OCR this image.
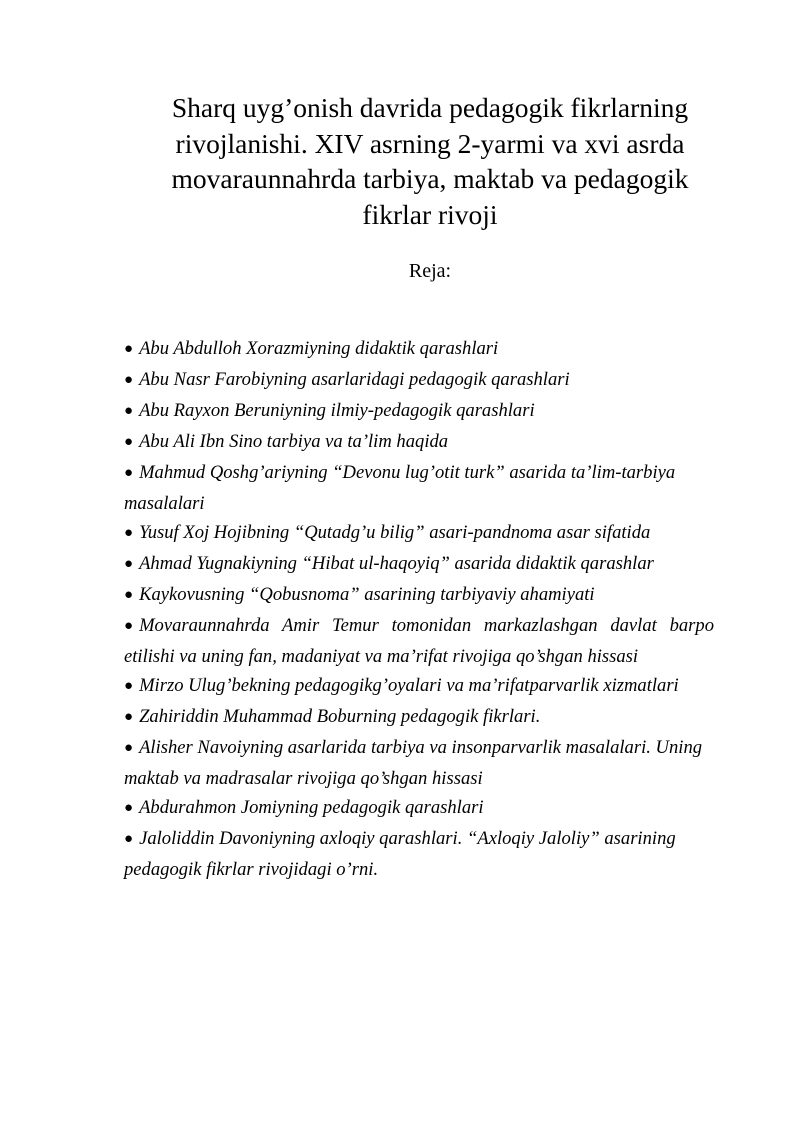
Sharq uyg’onish davrida pedagogik fikrlarning rivojlanishi. XIV asrning 2-yarmi va xvi asrda movaraunnahrda tarbiya, maktab va pedagogik fikrlar rivoji

Reja:

● Abu Abdulloh Xorazmiyning didaktik qarashlari
● Abu Nasr Farobiyning asarlaridagi pedagogik qarashlari
● Abu Rayxon Beruniyning ilmiy-pedagogik qarashlari
● Abu Ali Ibn Sino tarbiya va ta’lim haqida
● Mahmud Qoshg’ariyning “Devonu lug’otit turk” asarida ta’lim-tarbiya masalalari
● Yusuf Xoj Hojibning “Qutadg’u bilig” asari-pandnoma asar sifatida
● Ahmad Yugnakiyning “Hibat ul-haqoyiq” asarida didaktik qarashlar
● Kaykovusning “Qobusnoma” asarining tarbiyaviy ahamiyati
● Movaraunnahrda Amir Temur tomonidan markazlashgan davlat barpo etilishi va uning fan, madaniyat va ma’rifat rivojiga qo’shgan hissasi
● Mirzo Ulug’bekning pedagogikg’oyalari va ma’rifatparvarlik xizmatlari
● Zahiriddin Muhammad Boburning pedagogik fikrlari.
● Alisher Navoiyning asarlarida tarbiya va insonparvarlik masalalari. Uning maktab va madrasalar rivojiga qo’shgan hissasi
● Abdurahmon Jomiyning pedagogik qarashlari
● Jaloliddin Davoniyning axloqiy qarashlari. “Axloqiy Jaloliy” asarining pedagogik fikrlar rivojidagi o’rni.
